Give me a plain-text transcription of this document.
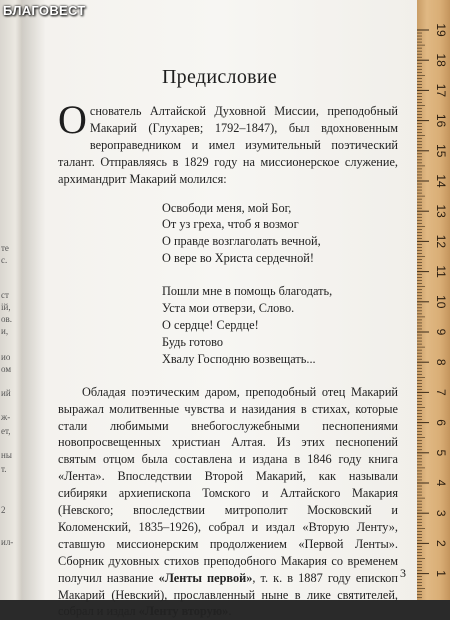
те
с.
ст
ій,
ов.
и,
ио
ом
ий
ж-
ет,
ны
т.
2
ил-
Предисловие

Основатель Алтайской Духовной Миссии, преподобный Макарий (Глухарев; 1792–1847), был вдохновенным вероправедником и имел изумительный поэтический талант. Отправляясь в 1829 году на миссионерское служение, архимандрит Макарий молился:

Освободи меня, мой Бог,
От уз греха, чтоб я возмог
О правде возглаголать вечной,
О вере во Христа сердечной!
Пошли мне в помощь благодать,
Уста мои отверзи, Слово.
О сердце! Сердце!
Будь готово
Хвалу Господню возвещать...

Обладая поэтическим даром, преподобный отец Макарий выражал молитвенные чувства и назидания в стихах, которые стали любимыми внебогослужебными песнопениями новопросвещенных христиан Алтая. Из этих песнопений святым отцом была составлена и издана в 1846 году книга «Лента». Впоследствии Второй Макарий, как называли сибиряки архиепископа Томского и Алтайского Макария (Невского; впоследствии митрополит Московский и Коломенский, 1835–1926), собрал и издал «Вторую Ленту», ставшую миссионерским продолжением «Первой Ленты». Сборник духовных стихов преподобного Макария со временем получил название «Ленты первой», т. к. в 1887 году епископ Макарий (Невский), прославленный ныне в лике святителей, собрал и издал «Ленту вторую».

3
19
18
17
16
15
14
13
12
11
10
9
8
7
6
5
4
3
2
1
БЛАГОВЕСТ
